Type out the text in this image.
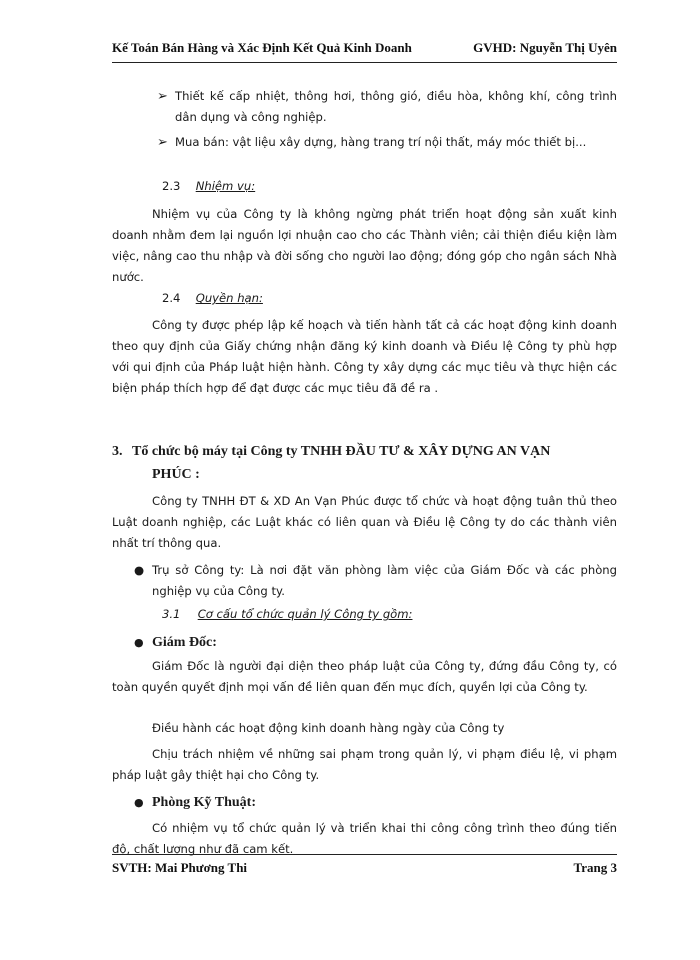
Kế Toán Bán Hàng và Xác Định Kết Quả Kinh Doanh	GVHD: Nguyễn Thị Uyên
➢ Thiết kế cấp nhiệt, thông hơi, thông gió, điều hòa, không khí, công trình dân dụng và công nghiệp.

➢ Mua bán: vật liệu xây dựng, hàng trang trí nội thất, máy móc thiết bị...

2.3 Nhiệm vụ:

Nhiệm vụ của Công ty là không ngừng phát triển hoạt động sản xuất kinh doanh nhằm đem lại nguồn lợi nhuận cao cho các Thành viên; cải thiện điều kiện làm việc, nâng cao thu nhập và đời sống cho người lao động; đóng góp cho ngân sách Nhà nước.

2.4 Quyền hạn:

Công ty được phép lập kế hoạch và tiến hành tất cả các hoạt động kinh doanh theo quy định của Giấy chứng nhận đăng ký kinh doanh và Điều lệ Công ty phù hợp với qui định của Pháp luật hiện hành. Công ty xây dựng các mục tiêu và thực hiện các biện pháp thích hợp để đạt được các mục tiêu đã đề ra .

3. Tổ chức bộ máy tại Công ty TNHH ĐẦU TƯ & XÂY DỰNG AN VẠN
PHÚC :

Công ty TNHH ĐT & XD An Vạn Phúc được tổ chức và hoạt động tuân thủ theo Luật doanh nghiệp, các Luật khác có liên quan và Điều lệ Công ty do các thành viên nhất trí thông qua.

● Trụ sở Công ty: Là nơi đặt văn phòng làm việc của Giám Đốc và các phòng nghiệp vụ của Công ty.

3.1 Cơ cấu tổ chức quản lý Công ty gồm:
● Giám Đốc:

Giám Đốc là người đại diện theo pháp luật của Công ty, đứng đầu Công ty, có toàn quyền quyết định mọi vấn đề liên quan đến mục đích, quyền lợi của Công ty.

Điều hành các hoạt động kinh doanh hàng ngày của Công ty

Chịu trách nhiệm về những sai phạm trong quản lý, vi phạm điều lệ, vi phạm pháp luật gây thiệt hại cho Công ty.

● Phòng Kỹ Thuật:

Có nhiệm vụ tổ chức quản lý và triển khai thi công công trình theo đúng tiến độ, chất lượng như đã cam kết.

SVTH: Mai Phương Thi	Trang 3
